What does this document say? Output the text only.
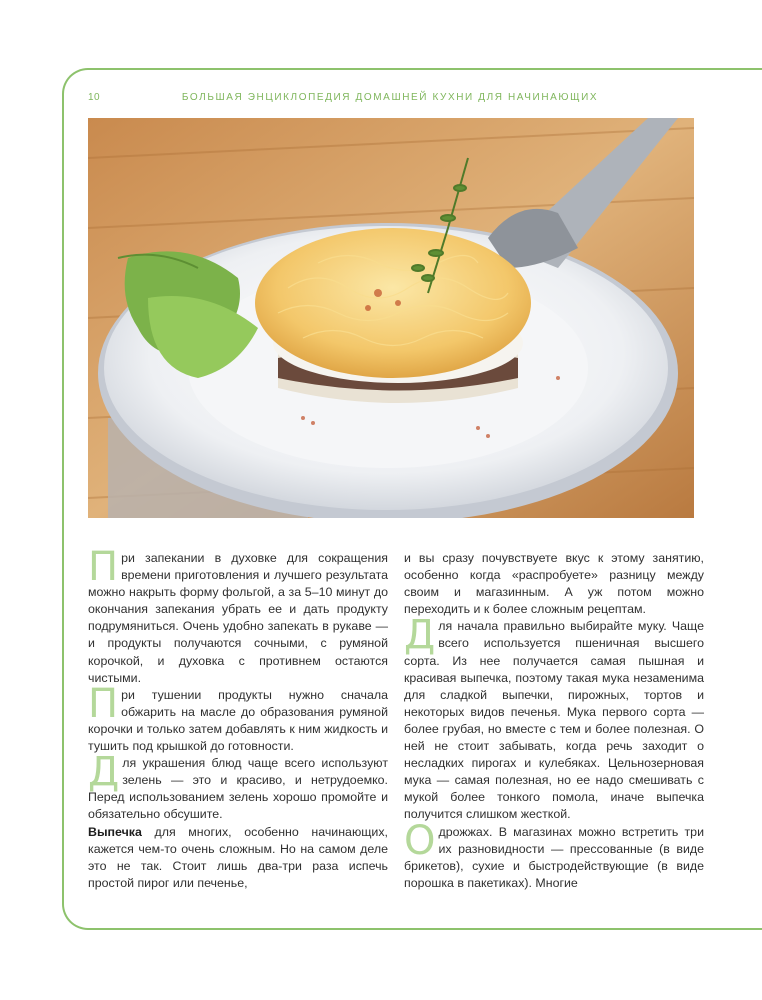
10	БОЛЬШАЯ ЭНЦИКЛОПЕДИЯ ДОМАШНЕЙ КУХНИ ДЛЯ НАЧИНАЮЩИХ

При запекании в духовке для сокращения времени приготовления и лучшего результата можно накрыть форму фольгой, а за 5–10 минут до окончания запекания убрать ее и дать продукту подрумяниться. Очень удобно запекать в рукаве — и продукты получаются сочными, с румяной корочкой, и духовка с противнем остаются чистыми.

При тушении продукты нужно сначала обжарить на масле до образования румяной корочки и только затем добавлять к ним жидкость и тушить под крышкой до готовности.

Для украшения блюд чаще всего используют зелень — это и красиво, и нетрудоемко. Перед использованием зелень хорошо промойте и обязательно обсушите.

Выпечка для многих, особенно начинающих, кажется чем-то очень сложным. Но на самом деле это не так. Стоит лишь два-три раза испечь простой пирог или печенье,

и вы сразу почувствуете вкус к этому занятию, особенно когда «распробуете» разницу между своим и магазинным. А уж потом можно переходить и к более сложным рецептам.

Для начала правильно выбирайте муку. Чаще всего используется пшеничная высшего сорта. Из нее получается самая пышная и красивая выпечка, поэтому такая мука незаменима для сладкой выпечки, пирожных, тортов и некоторых видов печенья. Мука первого сорта — более грубая, но вместе с тем и более полезная. О ней не стоит забывать, когда речь заходит о несладких пирогах и кулебяках. Цельнозерновая мука — самая полезная, но ее надо смешивать с мукой более тонкого помола, иначе выпечка получится слишком жесткой.

О дрожжах. В магазинах можно встретить три их разновидности — прессованные (в виде брикетов), сухие и быстродействующие (в виде порошка в пакетиках). Многие
